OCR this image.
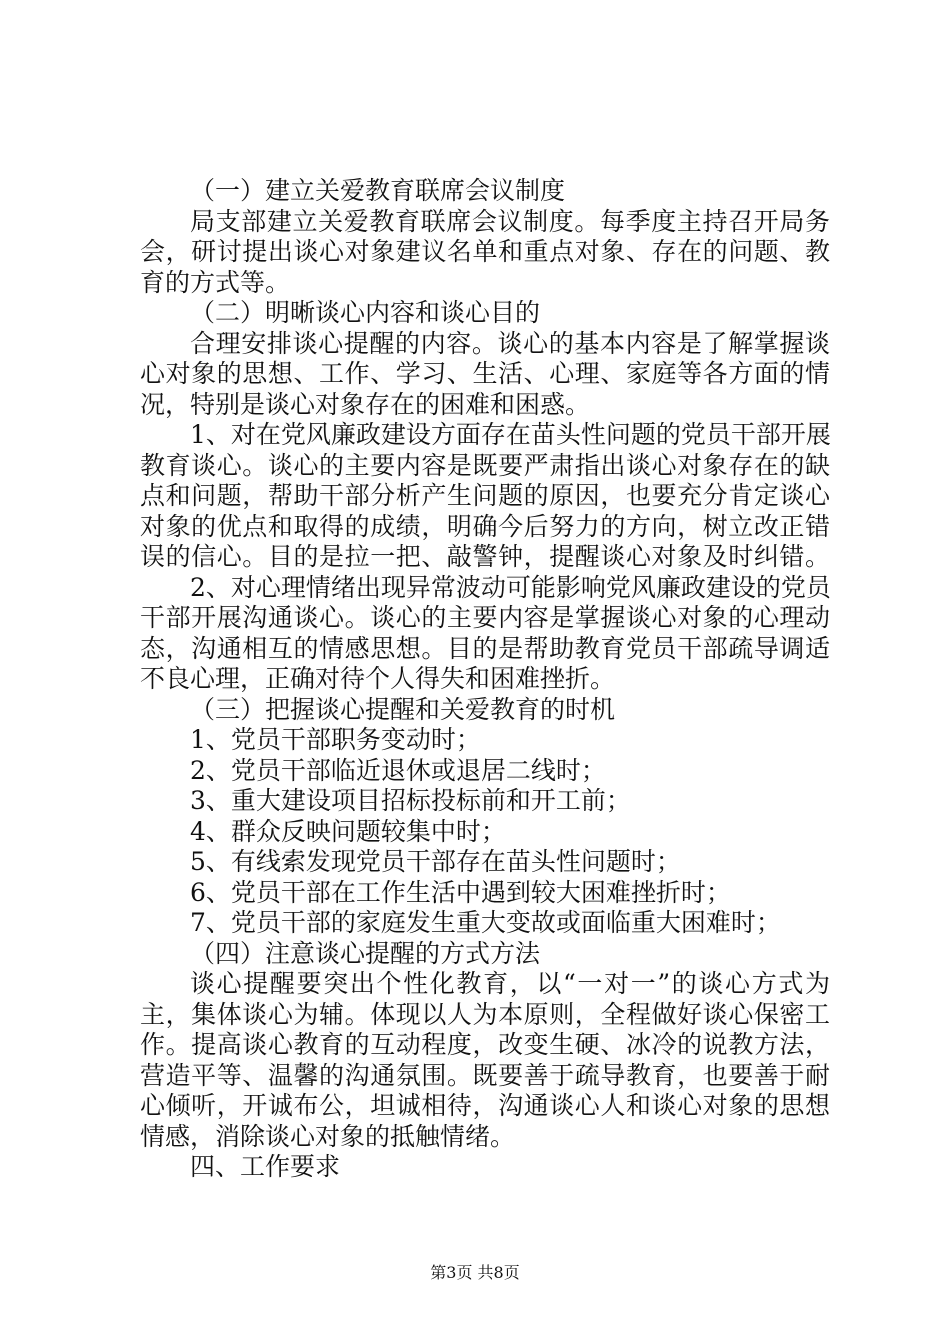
（一）建立关爱教育联席会议制度
局支部建立关爱教育联席会议制度。每季度主持召开局务
会，研讨提出谈心对象建议名单和重点对象、存在的问题、教
育的方式等。
（二）明晰谈心内容和谈心目的
合理安排谈心提醒的内容。谈心的基本内容是了解掌握谈
心对象的思想、工作、学习、生活、心理、家庭等各方面的情
况，特别是谈心对象存在的困难和困惑。
1、对在党风廉政建设方面存在苗头性问题的党员干部开展
教育谈心。谈心的主要内容是既要严肃指出谈心对象存在的缺
点和问题，帮助干部分析产生问题的原因，也要充分肯定谈心
对象的优点和取得的成绩，明确今后努力的方向，树立改正错
误的信心。目的是拉一把、敲警钟，提醒谈心对象及时纠错。
2、对心理情绪出现异常波动可能影响党风廉政建设的党员
干部开展沟通谈心。谈心的主要内容是掌握谈心对象的心理动
态，沟通相互的情感思想。目的是帮助教育党员干部疏导调适
不良心理，正确对待个人得失和困难挫折。
（三）把握谈心提醒和关爱教育的时机
1、党员干部职务变动时；
2、党员干部临近退休或退居二线时；
3、重大建设项目招标投标前和开工前；
4、群众反映问题较集中时；
5、有线索发现党员干部存在苗头性问题时；
6、党员干部在工作生活中遇到较大困难挫折时；
7、党员干部的家庭发生重大变故或面临重大困难时；
（四）注意谈心提醒的方式方法
谈心提醒要突出个性化教育，以“一对一”的谈心方式为
主，集体谈心为辅。体现以人为本原则，全程做好谈心保密工
作。提高谈心教育的互动程度，改变生硬、冰冷的说教方法，
营造平等、温馨的沟通氛围。既要善于疏导教育，也要善于耐
心倾听，开诚布公，坦诚相待，沟通谈心人和谈心对象的思想
情感，消除谈心对象的抵触情绪。
四、工作要求
第3页 共8页
